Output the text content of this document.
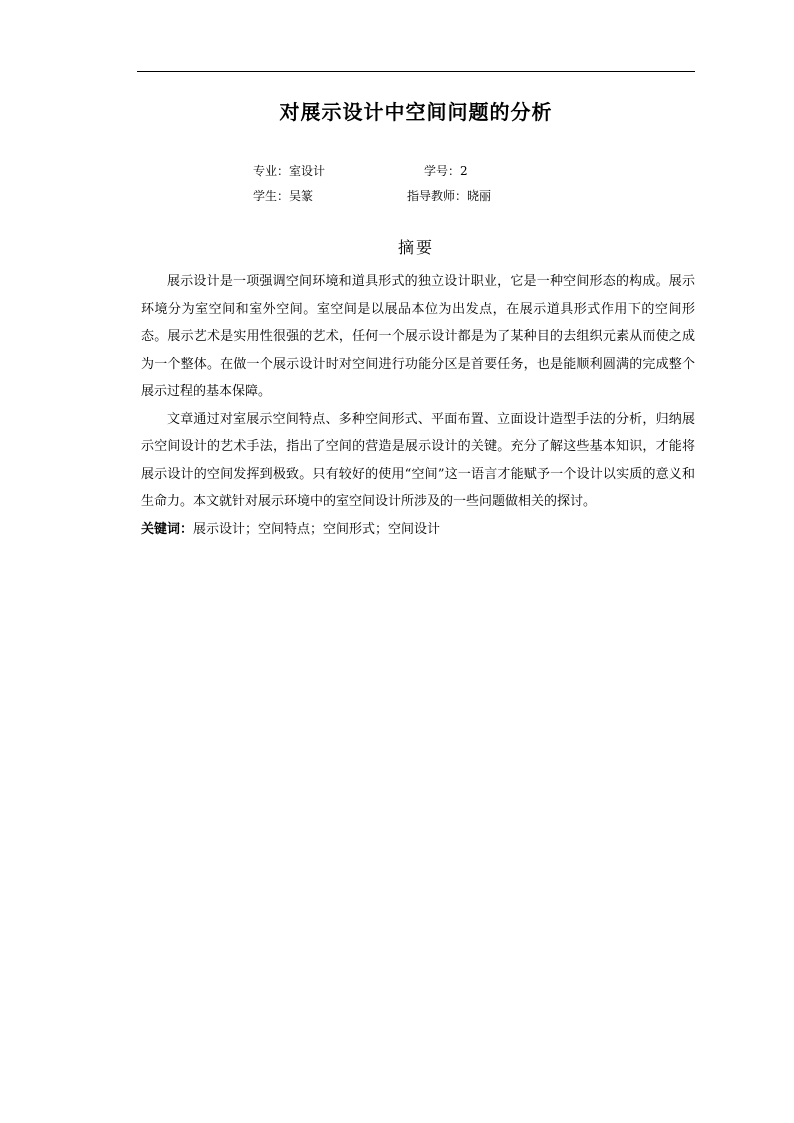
对展示设计中空间问题的分析
专业：室设计	学号：2
学生：吴篆	指导教师：晓丽
摘要

展示设计是一项强调空间环境和道具形式的独立设计职业，它是一种空间形态的构成。展示环境分为室空间和室外空间。室空间是以展品本位为出发点，在展示道具形式作用下的空间形态。展示艺术是实用性很强的艺术，任何一个展示设计都是为了某种目的去组织元素从而使之成为一个整体。在做一个展示设计时对空间进行功能分区是首要任务，也是能顺利圆满的完成整个展示过程的基本保障。

文章通过对室展示空间特点、多种空间形式、平面布置、立面设计造型手法的分析，归纳展示空间设计的艺术手法，指出了空间的营造是展示设计的关键。充分了解这些基本知识，才能将展示设计的空间发挥到极致。只有较好的使用“空间”这一语言才能赋予一个设计以实质的意义和生命力。本文就针对展示环境中的室空间设计所涉及的一些问题做相关的探讨。

关键词：展示设计；空间特点；空间形式；空间设计
